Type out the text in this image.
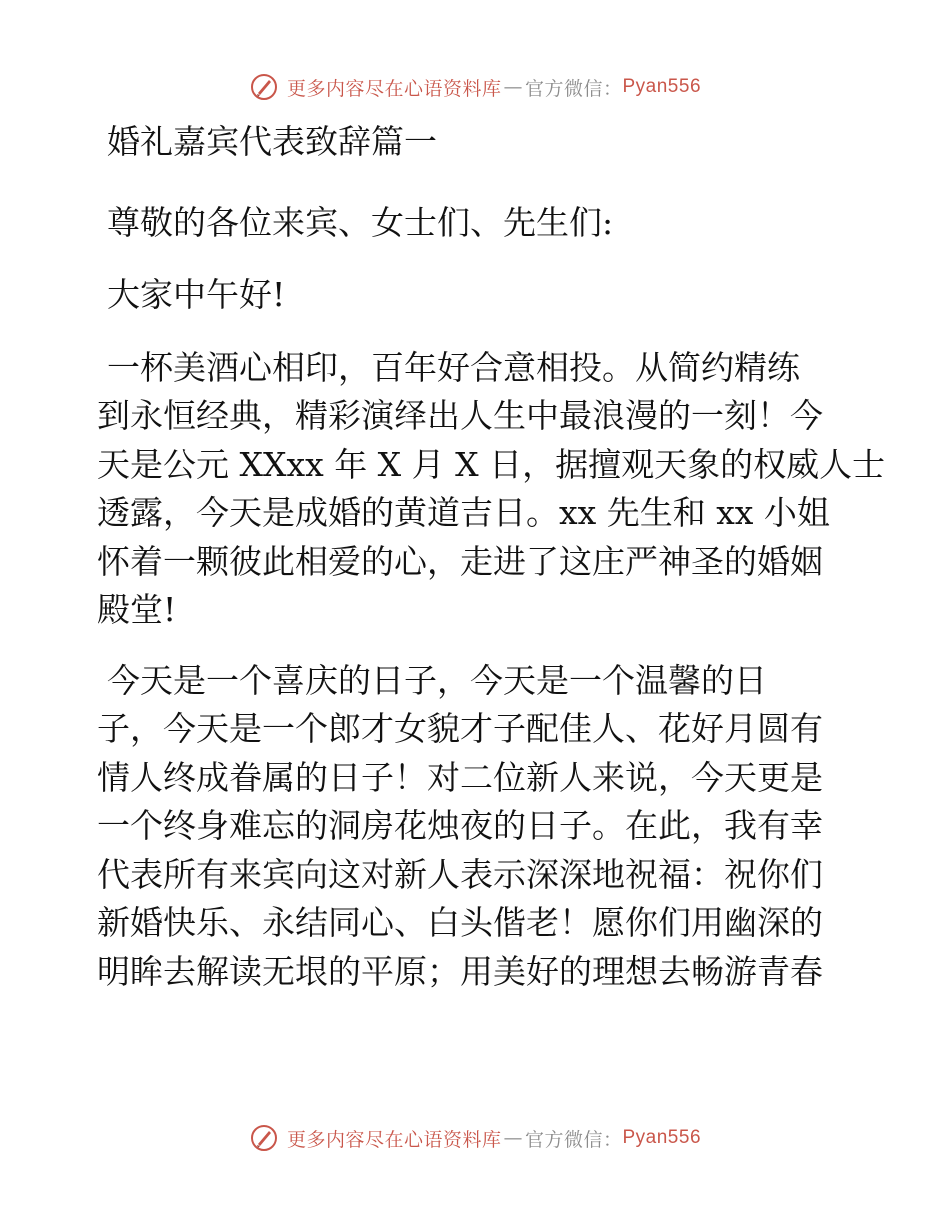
更多内容尽在心语资料库 — 官方微信： Pyan556
婚礼嘉宾代表致辞篇一
尊敬的各位来宾、女士们、先生们:
大家中午好!
一杯美酒心相印，百年好合意相投。从简约精练
到永恒经典，精彩演绎出人生中最浪漫的一刻！今
天是公元 XXxx 年 X 月 X 日，据擅观天象的权威人士
透露，今天是成婚的黄道吉日。xx 先生和 xx 小姐
怀着一颗彼此相爱的心，走进了这庄严神圣的婚姻
殿堂!
今天是一个喜庆的日子，今天是一个温馨的日
子，今天是一个郎才女貌才子配佳人、花好月圆有
情人终成眷属的日子！对二位新人来说，今天更是
一个终身难忘的洞房花烛夜的日子。在此，我有幸
代表所有来宾向这对新人表示深深地祝福：祝你们
新婚快乐、永结同心、白头偕老！愿你们用幽深的
明眸去解读无垠的平原；用美好的理想去畅游青春
更多内容尽在心语资料库 — 官方微信： Pyan556
